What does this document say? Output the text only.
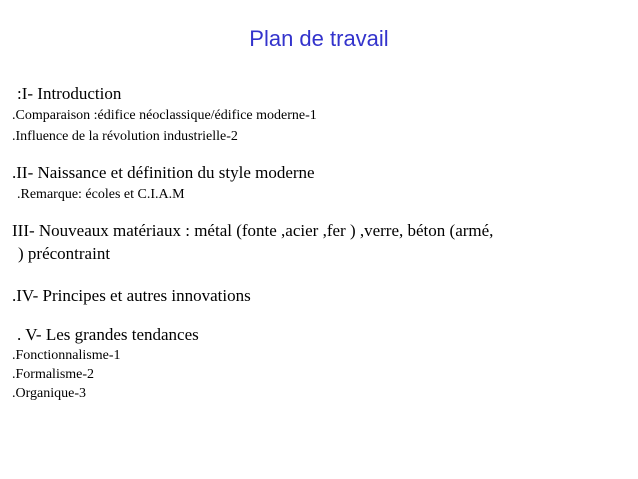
Plan de travail

:I- Introduction

.Comparaison :édifice néoclassique/édifice moderne-1

.Influence de la révolution industrielle-2

.II- Naissance et définition du style moderne

.Remarque: écoles et C.I.A.M

III- Nouveaux matériaux : métal (fonte ,acier ,fer ) ,verre, béton (armé,

) précontraint

.IV- Principes et autres innovations

. V- Les grandes tendances

.Fonctionnalisme-1

.Formalisme-2

.Organique-3
